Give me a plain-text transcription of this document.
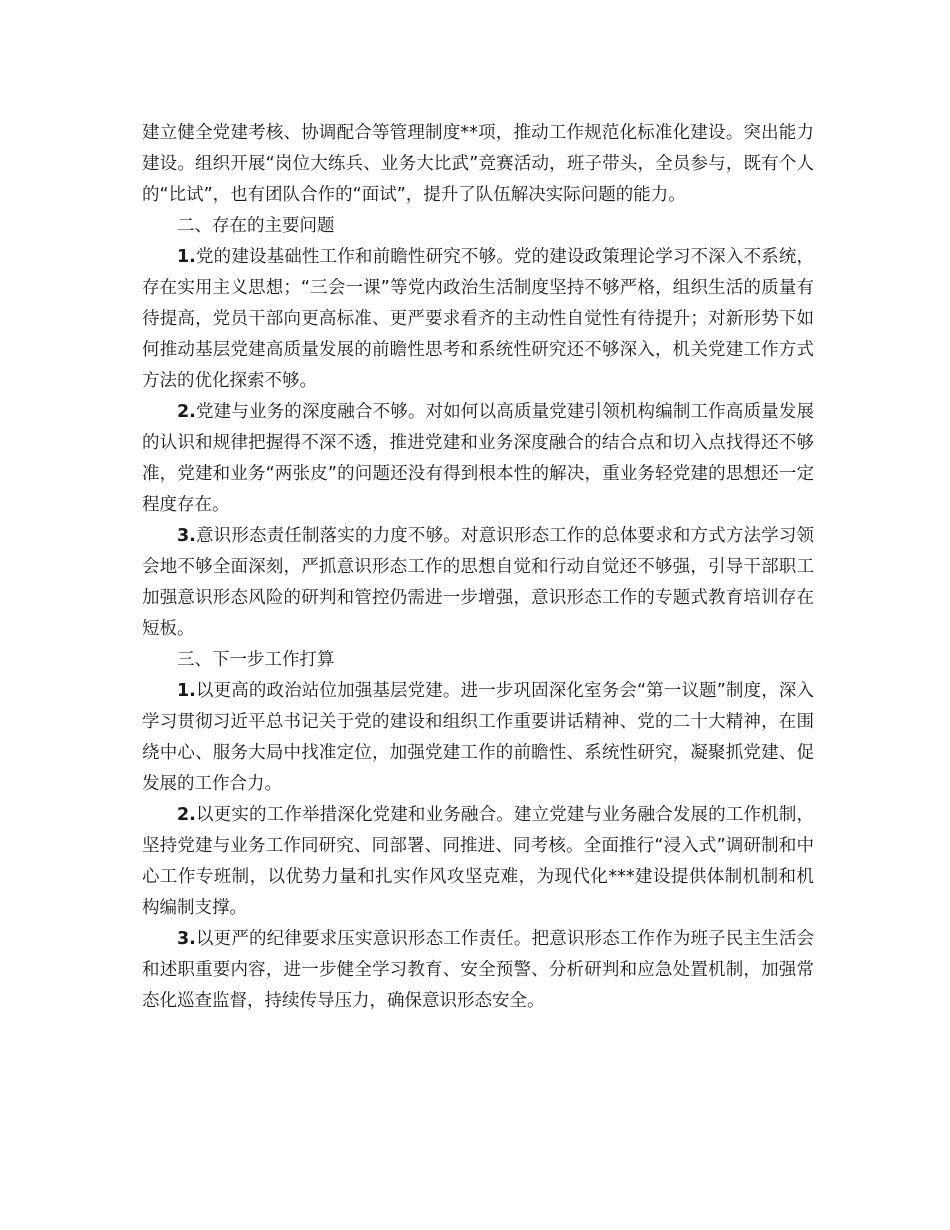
建立健全党建考核、协调配合等管理制度**项，推动工作规范化标准化建设。突出能力建设。组织开展“岗位大练兵、业务大比武”竞赛活动，班子带头，全员参与，既有个人的“比试”，也有团队合作的“面试”，提升了队伍解决实际问题的能力。

二、存在的主要问题

1.党的建设基础性工作和前瞻性研究不够。党的建设政策理论学习不深入不系统，存在实用主义思想；“三会一课”等党内政治生活制度坚持不够严格，组织生活的质量有待提高，党员干部向更高标准、更严要求看齐的主动性自觉性有待提升；对新形势下如何推动基层党建高质量发展的前瞻性思考和系统性研究还不够深入，机关党建工作方式方法的优化探索不够。

2.党建与业务的深度融合不够。对如何以高质量党建引领机构编制工作高质量发展的认识和规律把握得不深不透，推进党建和业务深度融合的结合点和切入点找得还不够准，党建和业务“两张皮”的问题还没有得到根本性的解决，重业务轻党建的思想还一定程度存在。

3.意识形态责任制落实的力度不够。对意识形态工作的总体要求和方式方法学习领会地不够全面深刻，严抓意识形态工作的思想自觉和行动自觉还不够强，引导干部职工加强意识形态风险的研判和管控仍需进一步增强，意识形态工作的专题式教育培训存在短板。

三、下一步工作打算

1.以更高的政治站位加强基层党建。进一步巩固深化室务会“第一议题”制度，深入学习贯彻习近平总书记关于党的建设和组织工作重要讲话精神、党的二十大精神，在围绕中心、服务大局中找准定位，加强党建工作的前瞻性、系统性研究，凝聚抓党建、促发展的工作合力。

2.以更实的工作举措深化党建和业务融合。建立党建与业务融合发展的工作机制，坚持党建与业务工作同研究、同部署、同推进、同考核。全面推行“浸入式”调研制和中心工作专班制，以优势力量和扎实作风攻坚克难，为现代化***建设提供体制机制和机构编制支撑。

3.以更严的纪律要求压实意识形态工作责任。把意识形态工作作为班子民主生活会和述职重要内容，进一步健全学习教育、安全预警、分析研判和应急处置机制，加强常态化巡查监督，持续传导压力，确保意识形态安全。
